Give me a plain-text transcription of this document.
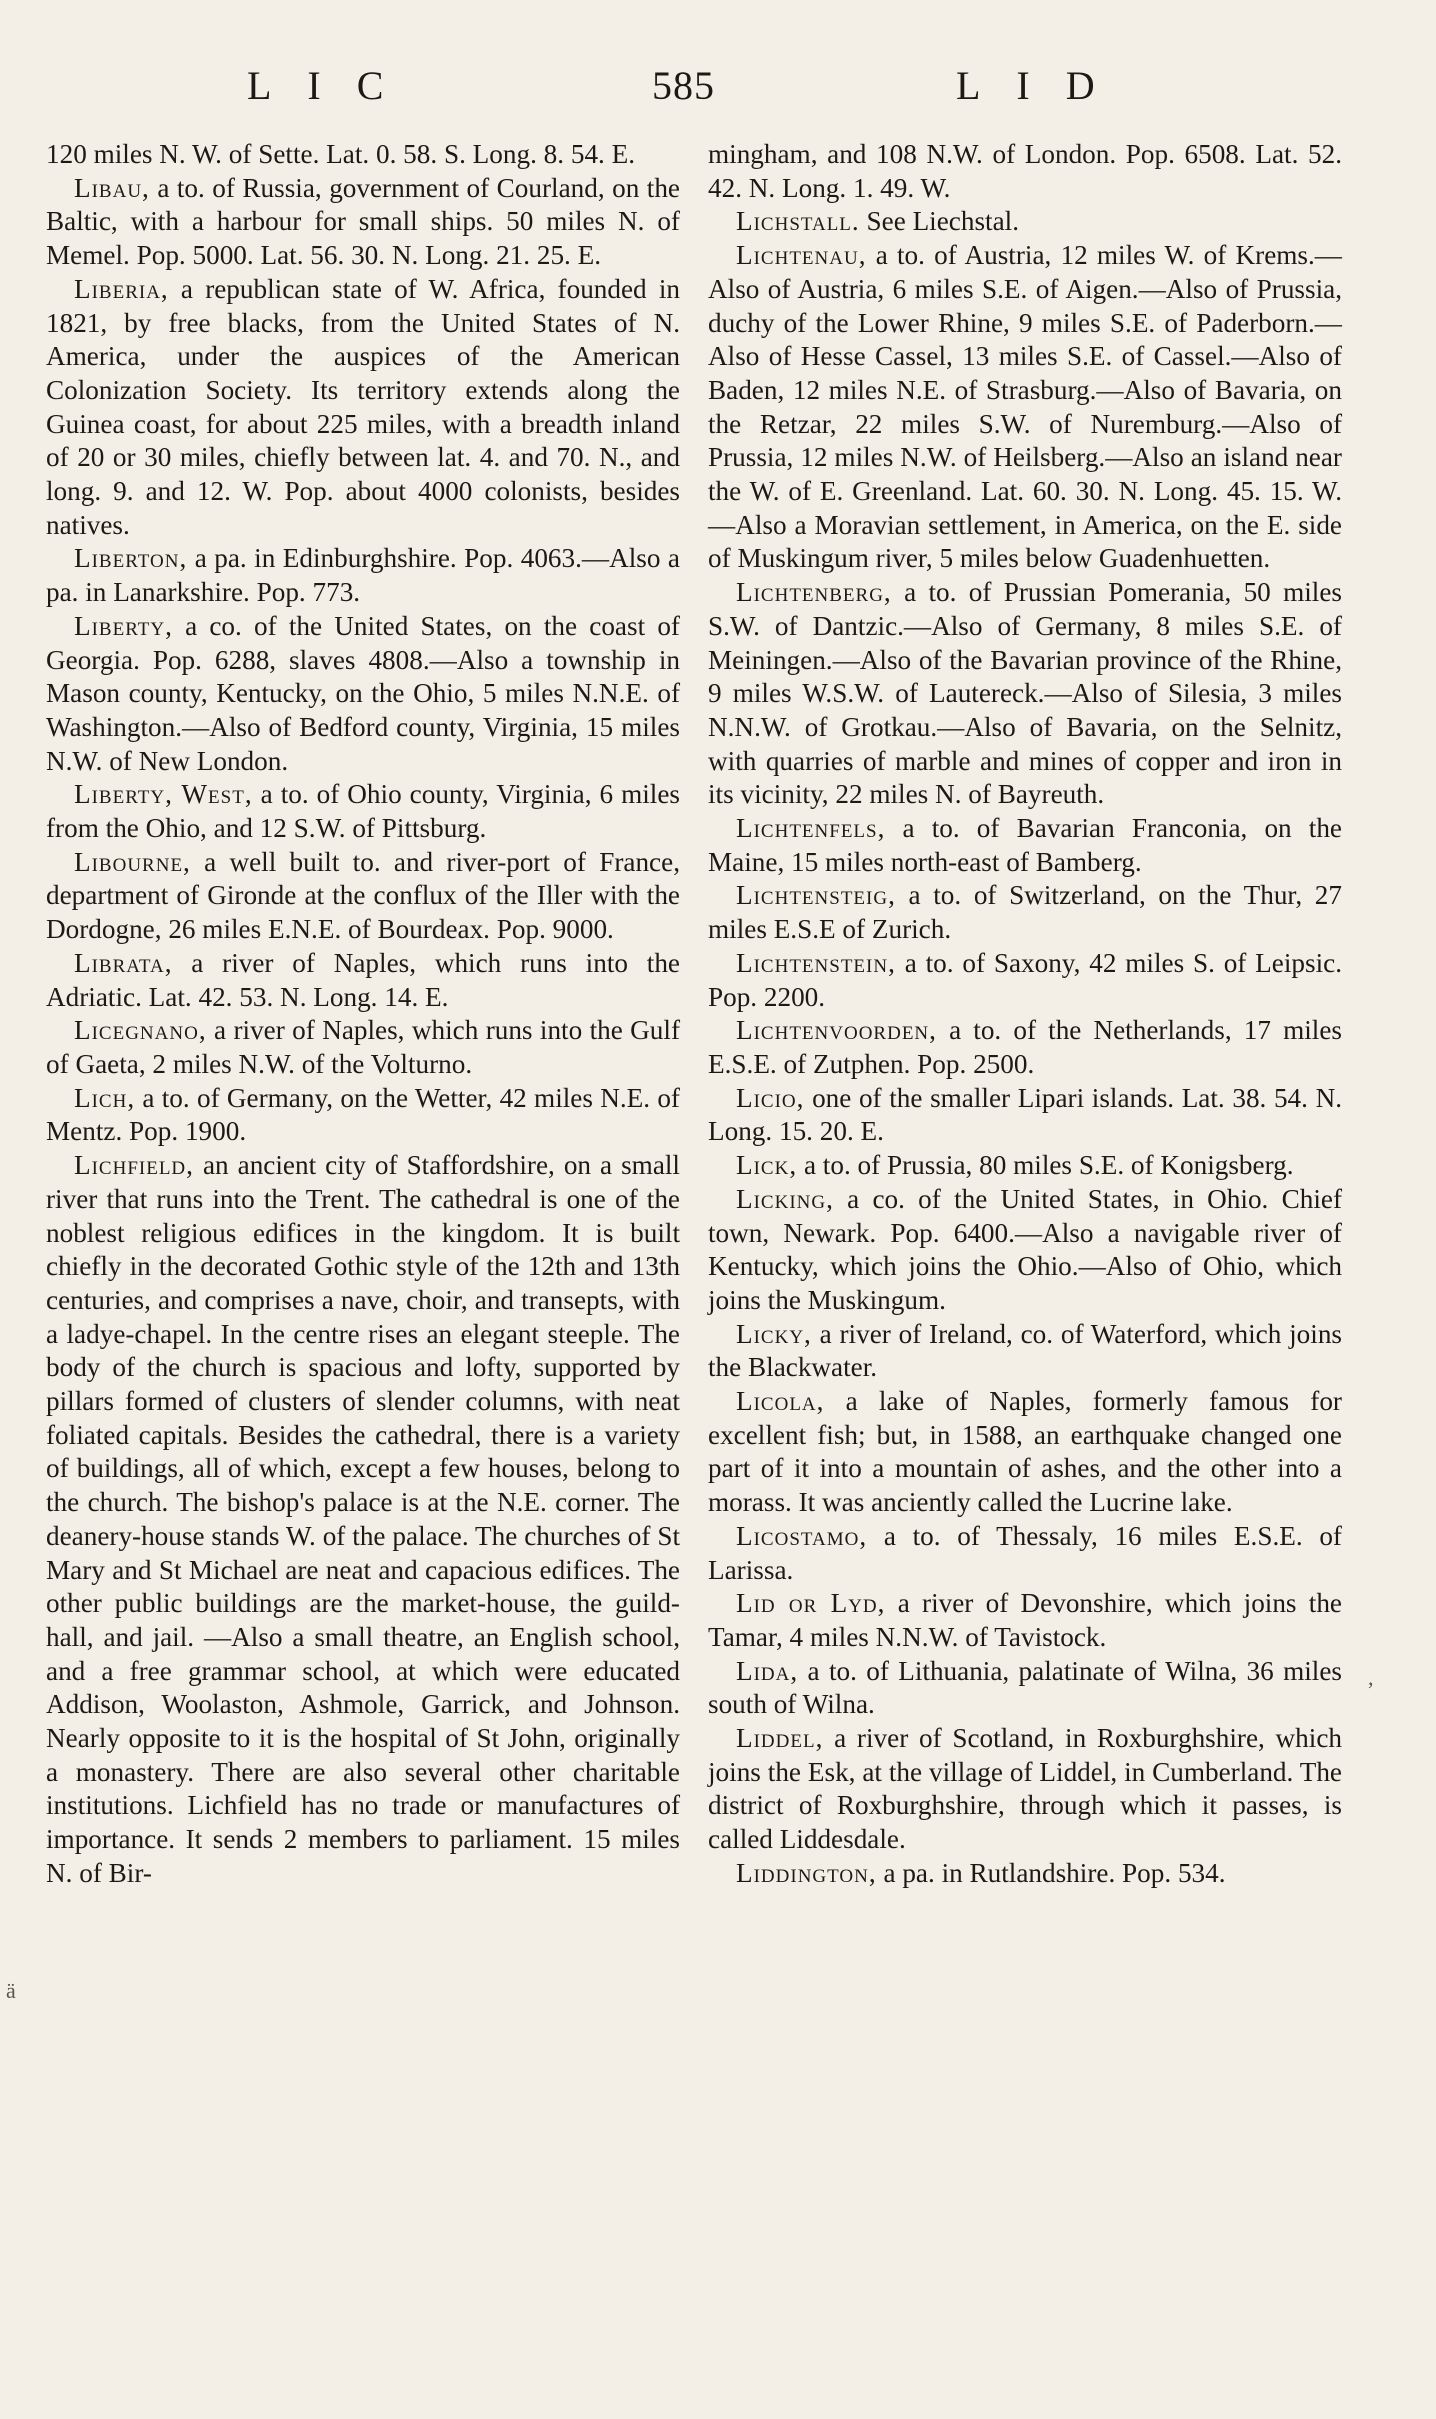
LIC	585	LID

120 miles N. W. of Sette. Lat. 0. 58. S. Long. 8. 54. E.

Libau, a to. of Russia, government of Courland, on the Baltic, with a harbour for small ships. 50 miles N. of Memel. Pop. 5000. Lat. 56. 30. N. Long. 21. 25. E.

Liberia, a republican state of W. Africa, founded in 1821, by free blacks, from the United States of N. America, under the auspices of the American Colonization Society. Its territory extends along the Guinea coast, for about 225 miles, with a breadth inland of 20 or 30 miles, chiefly between lat. 4. and 70. N., and long. 9. and 12. W. Pop. about 4000 colonists, besides natives.

Liberton, a pa. in Edinburghshire. Pop. 4063.—Also a pa. in Lanarkshire. Pop. 773.

Liberty, a co. of the United States, on the coast of Georgia. Pop. 6288, slaves 4808.—Also a township in Mason county, Kentucky, on the Ohio, 5 miles N.N.E. of Washington.—Also of Bedford county, Virginia, 15 miles N.W. of New London.

Liberty, West, a to. of Ohio county, Virginia, 6 miles from the Ohio, and 12 S.W. of Pittsburg.

Libourne, a well built to. and river-port of France, department of Gironde at the conflux of the Iller with the Dordogne, 26 miles E.N.E. of Bourdeax. Pop. 9000.

Librata, a river of Naples, which runs into the Adriatic. Lat. 42. 53. N. Long. 14. E.

Licegnano, a river of Naples, which runs into the Gulf of Gaeta, 2 miles N.W. of the Volturno.

Lich, a to. of Germany, on the Wetter, 42 miles N.E. of Mentz. Pop. 1900.

Lichfield, an ancient city of Staffordshire, on a small river that runs into the Trent. The cathedral is one of the noblest religious edifices in the kingdom. It is built chiefly in the decorated Gothic style of the 12th and 13th centuries, and comprises a nave, choir, and transepts, with a ladye-chapel. In the centre rises an elegant steeple. The body of the church is spacious and lofty, supported by pillars formed of clusters of slender columns, with neat foliated capitals. Besides the cathedral, there is a variety of buildings, all of which, except a few houses, belong to the church. The bishop's palace is at the N.E. corner. The deanery-house stands W. of the palace. The churches of St Mary and St Michael are neat and capacious edifices. The other public buildings are the market-house, the guild-hall, and jail. —Also a small theatre, an English school, and a free grammar school, at which were educated Addison, Woolaston, Ashmole, Garrick, and Johnson. Nearly opposite to it is the hospital of St John, originally a monastery. There are also several other charitable institutions. Lichfield has no trade or manufactures of importance. It sends 2 members to parliament. 15 miles N. of Bir-

mingham, and 108 N.W. of London. Pop. 6508. Lat. 52. 42. N. Long. 1. 49. W.

Lichstall. See Liechstal.

Lichtenau, a to. of Austria, 12 miles W. of Krems.—Also of Austria, 6 miles S.E. of Aigen.—Also of Prussia, duchy of the Lower Rhine, 9 miles S.E. of Paderborn.—Also of Hesse Cassel, 13 miles S.E. of Cassel.—Also of Baden, 12 miles N.E. of Strasburg.—Also of Bavaria, on the Retzar, 22 miles S.W. of Nuremburg.—Also of Prussia, 12 miles N.W. of Heilsberg.—Also an island near the W. of E. Greenland. Lat. 60. 30. N. Long. 45. 15. W.—Also a Moravian settlement, in America, on the E. side of Muskingum river, 5 miles below Guadenhuetten.

Lichtenberg, a to. of Prussian Pomerania, 50 miles S.W. of Dantzic.—Also of Germany, 8 miles S.E. of Meiningen.—Also of the Bavarian province of the Rhine, 9 miles W.S.W. of Lautereck.—Also of Silesia, 3 miles N.N.W. of Grotkau.—Also of Bavaria, on the Selnitz, with quarries of marble and mines of copper and iron in its vicinity, 22 miles N. of Bayreuth.

Lichtenfels, a to. of Bavarian Franconia, on the Maine, 15 miles north-east of Bamberg.

Lichtensteig, a to. of Switzerland, on the Thur, 27 miles E.S.E of Zurich.

Lichtenstein, a to. of Saxony, 42 miles S. of Leipsic. Pop. 2200.

Lichtenvoorden, a to. of the Netherlands, 17 miles E.S.E. of Zutphen. Pop. 2500.

Licio, one of the smaller Lipari islands. Lat. 38. 54. N. Long. 15. 20. E.

Lick, a to. of Prussia, 80 miles S.E. of Konigsberg.

Licking, a co. of the United States, in Ohio. Chief town, Newark. Pop. 6400.—Also a navigable river of Kentucky, which joins the Ohio.—Also of Ohio, which joins the Muskingum.

Licky, a river of Ireland, co. of Waterford, which joins the Blackwater.

Licola, a lake of Naples, formerly famous for excellent fish; but, in 1588, an earthquake changed one part of it into a mountain of ashes, and the other into a morass. It was anciently called the Lucrine lake.

Licostamo, a to. of Thessaly, 16 miles E.S.E. of Larissa.

Lid or Lyd, a river of Devonshire, which joins the Tamar, 4 miles N.N.W. of Tavistock.

Lida, a to. of Lithuania, palatinate of Wilna, 36 miles south of Wilna.

Liddel, a river of Scotland, in Roxburghshire, which joins the Esk, at the village of Liddel, in Cumberland. The district of Roxburghshire, through which it passes, is called Liddesdale.

Liddington, a pa. in Rutlandshire. Pop. 534.

ä
,
